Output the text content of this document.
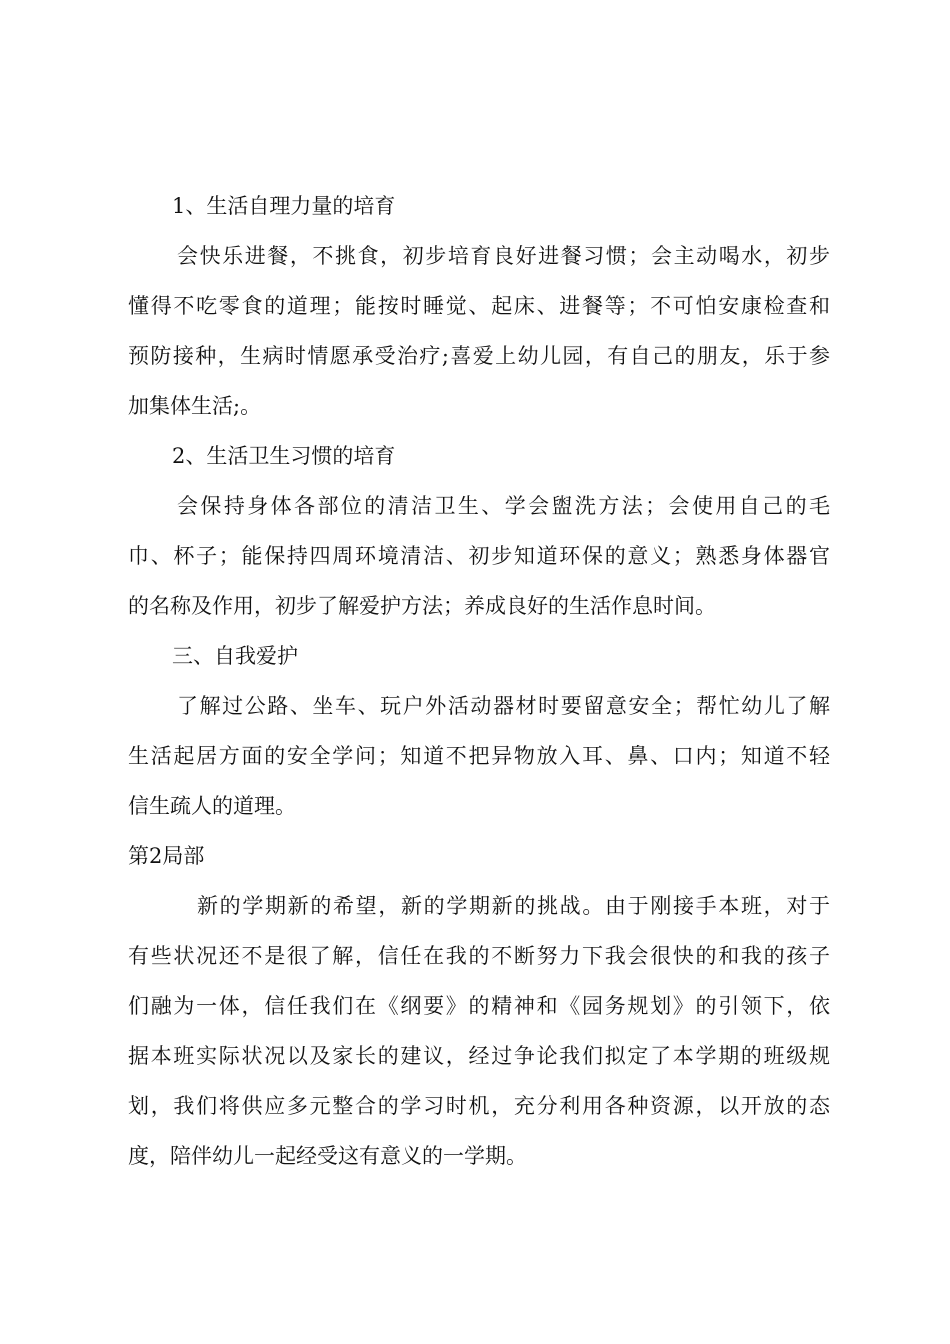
1、生活自理力量的培育
会快乐进餐，不挑食，初步培育良好进餐习惯；会主动喝水，初步
懂得不吃零食的道理；能按时睡觉、起床、进餐等；不可怕安康检查和
预防接种，生病时情愿承受治疗;喜爱上幼儿园，有自己的朋友，乐于参
加集体生活;。
2、生活卫生习惯的培育
会保持身体各部位的清洁卫生、学会盥洗方法；会使用自己的毛
巾、杯子；能保持四周环境清洁、初步知道环保的意义；熟悉身体器官
的名称及作用，初步了解爱护方法；养成良好的生活作息时间。
三、自我爱护
了解过公路、坐车、玩户外活动器材时要留意安全；帮忙幼儿了解
生活起居方面的安全学问；知道不把异物放入耳、鼻、口内；知道不轻
信生疏人的道理。
第2局部
新的学期新的希望，新的学期新的挑战。由于刚接手本班，对于
有些状况还不是很了解，信任在我的不断努力下我会很快的和我的孩子
们融为一体，信任我们在《纲要》的精神和《园务规划》的引领下，依
据本班实际状况以及家长的建议，经过争论我们拟定了本学期的班级规
划，我们将供应多元整合的学习时机，充分利用各种资源，以开放的态
度，陪伴幼儿一起经受这有意义的一学期。
